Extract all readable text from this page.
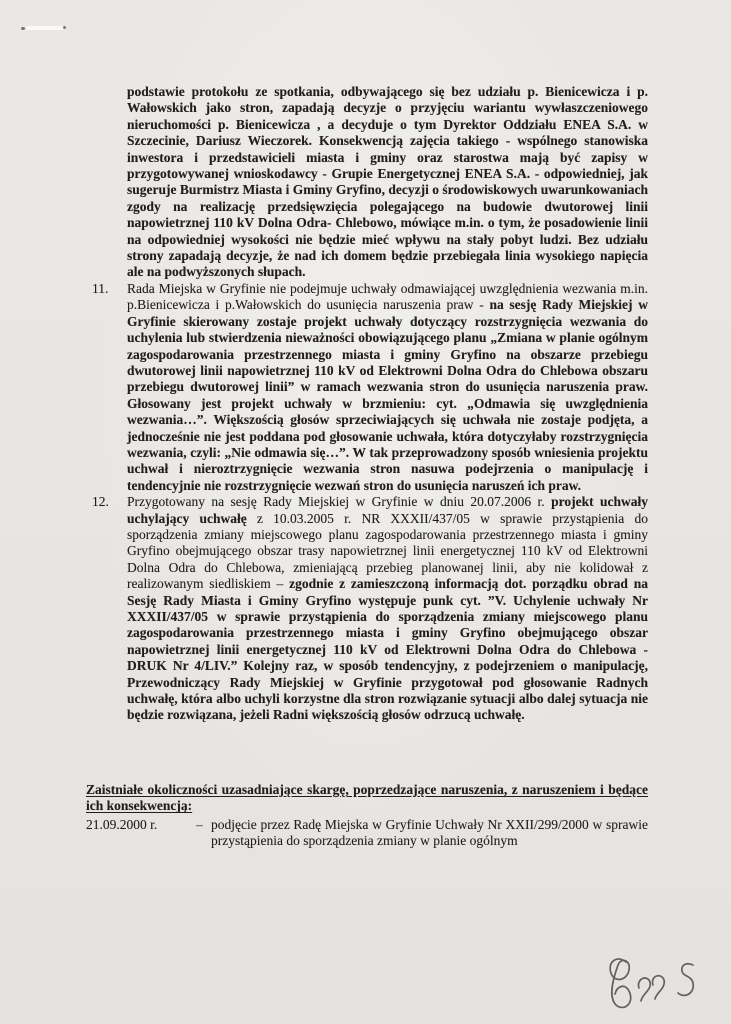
podstawie protokołu ze spotkania, odbywającego się bez udziału p. Bienicewicza i p. Wałowskich jako stron, zapadają decyzje o przyjęciu wariantu wywłaszczeniowego nieruchomości p. Bienicewicza , a decyduje o tym Dyrektor Oddziału ENEA S.A. w Szczecinie, Dariusz Wieczorek. Konsekwencją zajęcia takiego - wspólnego stanowiska inwestora i przedstawicieli miasta i gminy oraz starostwa mają być zapisy w przygotowywanej wnioskodawcy - Grupie Energetycznej ENEA S.A. - odpowiedniej, jak sugeruje Burmistrz Miasta i Gminy Gryfino, decyzji o środowiskowych uwarunkowaniach zgody na realizację przedsięwzięcia polegającego na budowie dwutorowej linii napowietrznej 110 kV Dolna Odra- Chlebowo, mówiące m.in. o tym, że posadowienie linii na odpowiedniej wysokości nie będzie mieć wpływu na stały pobyt ludzi. Bez udziału strony zapadają decyzje, że nad ich domem będzie przebiegała linia wysokiego napięcia ale na podwyższonych słupach.

11.	Rada Miejska w Gryfinie nie podejmuje uchwały odmawiającej uwzględnienia wezwania m.in. p.Bienicewicza i p.Wałowskich do usunięcia naruszenia praw - na sesję Rady Miejskiej w Gryfinie skierowany zostaje projekt uchwały dotyczący rozstrzygnięcia wezwania do uchylenia lub stwierdzenia nieważności obowiązującego planu „Zmiana w planie ogólnym zagospodarowania przestrzennego miasta i gminy Gryfino na obszarze przebiegu dwutorowej linii napowietrznej 110 kV od Elektrowni Dolna Odra do Chlebowa obszaru przebiegu dwutorowej linii” w ramach wezwania stron do usunięcia naruszenia praw. Głosowany jest projekt uchwały w brzmieniu: cyt. „Odmawia się uwzględnienia wezwania…”. Większością głosów sprzeciwiających się uchwała nie zostaje podjęta, a jednocześnie nie jest poddana pod głosowanie uchwała, która dotyczyłaby rozstrzygnięcia wezwania, czyli: „Nie odmawia się…”. W tak przeprowadzony sposób wniesienia projektu uchwał i nieroztrzygnięcie wezwania stron nasuwa podejrzenia o manipulację i tendencyjnie nie rozstrzygnięcie wezwań stron do usunięcia naruszeń ich praw.

12.	Przygotowany na sesję Rady Miejskiej w Gryfinie w dniu 20.07.2006 r. projekt uchwały uchylający uchwałę z 10.03.2005 r. NR XXXII/437/05 w sprawie przystąpienia do sporządzenia zmiany miejscowego planu zagospodarowania przestrzennego miasta i gminy Gryfino obejmującego obszar trasy napowietrznej linii energetycznej 110 kV od Elektrowni Dolna Odra do Chlebowa, zmieniającą przebieg planowanej linii, aby nie kolidował z realizowanym siedliskiem – zgodnie z zamieszczoną informacją dot. porządku obrad na Sesję Rady Miasta i Gminy Gryfino występuje punk cyt. ”V. Uchylenie uchwały Nr XXXII/437/05 w sprawie przystąpienia do sporządzenia zmiany miejscowego planu zagospodarowania przestrzennego miasta i gminy Gryfino obejmującego obszar napowietrznej linii energetycznej 110 kV od Elektrowni Dolna Odra do Chlebowa - DRUK Nr 4/LIV.” Kolejny raz, w sposób tendencyjny, z podejrzeniem o manipulację, Przewodniczący Rady Miejskiej w Gryfinie przygotował pod głosowanie Radnych uchwałę, która albo uchyli korzystne dla stron rozwiązanie sytuacji albo dalej sytuacja nie będzie rozwiązana, jeżeli Radni większością głosów odrzucą uchwałę.

Zaistniałe okoliczności uzasadniające skargę, poprzedzające naruszenia, z naruszeniem i będące ich konsekwencją:
21.09.2000 r.	– podjęcie przez Radę Miejska w Gryfinie Uchwały Nr XXII/299/2000 w sprawie przystąpienia do sporządzenia zmiany w planie ogólnym
